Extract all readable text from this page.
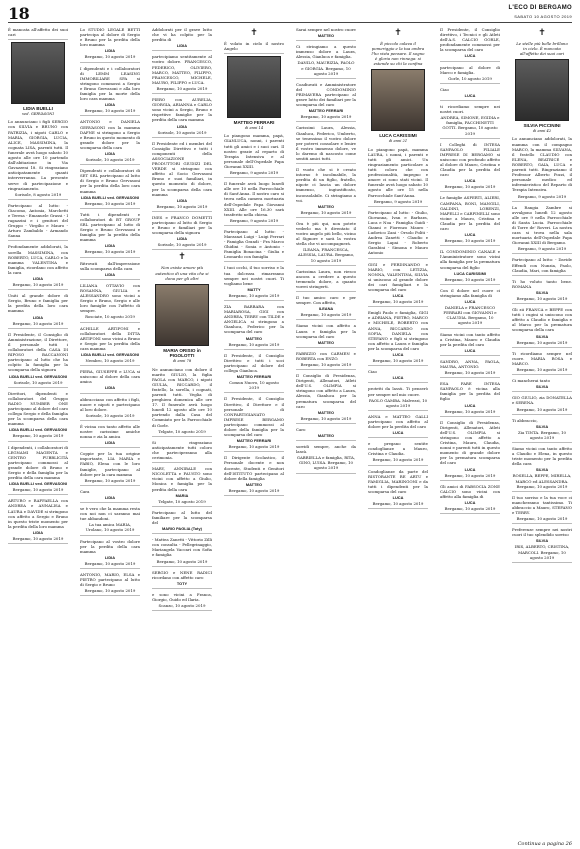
18	L'ECO DI BERGAMO
SABATO 10 AGOSTO 2019
È mancata all'affetto dei suoi cari
LIDIA BUELLI
ved. GERVASONI
Lo annunciano i figli SERGIO con SILVIA e BRUNO con PATRIZIA, i nipoti CARLO e MARIA, GIORGIA, LUCIA, ALICE, MASSIMINA, la cognata LISA, parenti tutti. Il funerale avrà luogo sabato 10 agosto alle ore 10 partendo dall'abitazione in Via Gavazzeni 18. Si ringraziano anticipatamente quanti interverranno. La presente serve di partecipazione e ringraziamento.
Sorisole, 8 agosto 2019
Partecipano al lutto: - Giacomo, Antonia, Marchetti e Teresa - Emanuele Grassi - I ragazzini e i genitori del Gruppo - Virgilio e Mauro - Arturo Zambaldo - Armando Sanna
Profondamente addolorati, la sorella MASSIMINA, con ROBERTO, LUCA, CARLO e la mamma VALENTINA e famiglia, ricordano con affetto la cara
LIDIA
Bergamo, 10 agosto 2019
Uniti al grande dolore di Sergio, Bruno e famiglia per la perdita della loro cara mamma
LIDIA
Bergamo, 10 agosto 2019
Il Presidente, il Consiglio di Amministrazione, il Direttore, il personale tutti i collaboratori della CASA DI RIPOSO BACCANONI partecipano al lutto che ha colpito la famiglia per la scomparsa della signora
LIDIA BUELLI ved. GERVASONI
Sorisole, 10 agosto 2019
Direttori, dipendenti e collaboratori del Gruppo RADIO NUMBER ONE partecipano al dolore del caro collega Sergio e della famiglia per la scomparsa della cara mamma
LIDIA BUELLI ved. GERVASONI
Bergamo, 10 agosto 2019
I dipendenti, i collaboratori di LEGNAMI MAGENTA e CENTRO PUBBLICITÀ partecipano commossi al grande dolore di Bruno e Sergio e della famiglia per la perdita della cara mamma
LIDIA BUELLI ved. GERVASONI
Bergamo, 10 agosto 2019
ARTURO e RAFFAELLA con ANDREA e ANNALISA e LAURA e DAVIDE si stringono con affetto a Sergio e Bruno in questo triste momento per la perdita della loro mamma
LIDIA
Bergamo, 10 agosto 2019
Lo STUDIO LEGALE BETTI partecipa al dolore di Sergio e Bruno per la perdita della loro mamma
LIDIA
Bergamo, 10 agosto 2019
I dipendenti e i collaboratori di LEMM LEASING IMMOBILIARE SPA si stringono commossi a Sergio e Bruno Gervasoni e alla loro famiglia per la morte della loro cara mamma
LIDIA
Bergamo, 10 agosto 2019
ANTONIO e DANIELA GERVASONI con la mamma DAFNE si stringono a Sergio e Bruno in questo momento di grande dolore per la scomparsa della cara
LIDIA
Sorisole, 10 agosto 2019
Dipendenti e collaboratori di SET SRL partecipano al lutto di Sergio e Bruno Gervasoni per la perdita della loro cara mamma
LIDIA BUELLI ved. GERVASONI
Bergamo, 10 agosto 2019
Tutti i dipendenti e collaboratori di BT GROUP SRL partecipano al lutto di Sergio e Bruno Gervasoni e famiglia per la perdita della mamma
LIDIA
Bergamo, 10 agosto 2019
Ritrovati dall'impressione sulla scomparsa della cara
LIDIA
LILIANA OTTAVIO con ROSANNA, GIULIA e ALESSANDRO sono vicini a Sergio e Bruno, Sergio e alle loro famiglie con l'affetto di sempre.
Rosciate, 10 agosto 2019
ACHILLE ARTIFONI e collaboratori della DITTA ARTIFONI sono vicini a Bruno e Sergio per la perdita della cara mamma
LIDIA BUELLI ved. GERVASONI
Nembro, 10 agosto 2019
PIERA, GIUSEPPE e LUCA si uniscono al dolore della cara amica
LIDIA
abbracciano con affetto i figli, nuore e nipoti e partecipano al loro dolore.
Sorisole, 10 agosto 2019
È vicina con tanto affetto alle nostre carissime amiche nonna e zia la amica
LIDIA
Coppie per la tua origine importante, LIA MARIA e FABIO, Elena con le loro famiglie, partecipano al dolore per la cara mamma
Bergamo, 10 agosto 2019
Cara
LIDIA
se è vero che la mamma resta con noi non ci saranno mai tue abbandoni.
La tua amica MARIA, Urolano, 10 agosto 2019
Partecipano al vostro dolore per la perdita della cara mamma
LIDIA
Bergamo, 10 agosto 2019
ANTONIO, MARIO, ELSA e PIETRO partecipano al lutto di Sergio e Bruno
Bergamo, 10 agosto 2019
Addolorati per il grave lutto che vi ha colpito per la perdita di
LIDIA
partecipiamo sentitamente al vostro dolore. FRANCESCO, FEDERICO, OLIVIERO, MARCO, MATTEO, FILIPPO, FRANCESCO, MICHELE, MAURO, FILIPPO e LUCA.
Bergamo, 10 agosto 2019
PIERO con AURELIA, GIORGIA, ARIANNA e CARLO sono vicini a Sergio, Bruno e rispettive famiglie per la perdita della cara mamma
LIDIA
Sorisole, 10 agosto 2019
Il Presidente ed i membri del Consiglio Direttivo e tutti i componenti della ASSOCIAZIONE PRODUTTORI GIUDIZI DEL VERDE si stringono con affetto al Socio Gervasoni Bruno e suoi familiari, in questo momento di dolore, per la scomparsa della cara mamma
LIDIA
Bergamo, 10 agosto 2019
INES e FRANCO DOMETTI partecipano al lutto di Sergio e Bruno e familiari per la scomparsa della signora
LIDIA
Sorisole, 10 agosto 2019
✝
Non esiste amore più autentico di una vita che si dona per gli altri
MARIA ORISIO in PIGOLOTTI
di anni 78
Ne annunciano con dolore il marito GIULIO, la figlia PAOLA con MARCO, i nipoti GIULIA, RICCARDO, il fratello, la sorella, i cognati, parenti tutti. Veglia di preghiera domenica alle ore 17. Il funerale avrà luogo lunedì 12 agosto alle ore 10 partendo dalla Casa del Commiato per la Parrocchiale di Gorle.
Telgate, 10 agosto 2019
Si ringraziano anticipatamente tutti coloro che parteciperanno alla cerimonia.
MARY, ANNIBALE con NICOLETTA e FAUSTO sono vicini con affetto a Giulio, Monica e famiglia per la perdita della cara
MARIA
Telgate, 10 agosto 2019
Partecipano al lutto del familiare per la scomparsa del
MARIO PAGLIA (Toty)
- Mattea Zanetti - Vittorio Zilli con consulta - Pellegrinaggio, Mariangela Vaccari con Sofia e famiglia
Bergamo, 10 agosto 2019
SERGIO e NENE RADICI ricordano con affetto caro
TOTY
e sono vicini a Franca, Giorgio, Guido ed Ilaria.
Scanzo, 10 agosto 2019
✝
È volato in cielo il nostro Angelo
MATTEO FERRARI
di anni 14
Lo piangono mamma, papà, GIANLUCA, nonni, i parenti tutti gli amici e i suoi cari. Il nostro grazie al reparto di Terapia Intensiva e al personale dell'Ospedale Papa Giovanni XXIII.
Bergamo, 9 agosto 2019
Il funerale avrà luogo lunedì alle ore 10 nella Parrocchiale di Sant'Anna. Il nostro caro si trova nella camera mortuaria dell'Ospedale Papa Giovanni XXIII. Alle ore 16.30 sarà trasferito nella chiesa.
Bergamo, 9 agosto 2019
Partecipano al lutto: - Marzanzi Luigi - Luigi Ferrari - Famiglia Grandi - Fra Marco Ghidini - Sonia e Antonio - Famiglia Bonacina - Giulia e Leonardo con famiglia
I tuoi occhi, il tuo sorriso e la tua dolcezza rimarranno sempre nei nostri cuori. Ti vogliamo bene
MATTY
Bergamo, 10 agosto 2019
ZIA BARBARA con MARIAROSA, GIGI con ANDREA, TERRY con TILDE e ANGELICA si stringono a Gianluca, Federico per la scomparsa del caro
MATTEO
Bergamo, 10 agosto 2019
Il Presidente, il Consiglio Direttivo e tutti i soci partecipano al dolore del collega Gianluca.
MATTEO FERRARI
Comun Nuovo, 10 agosto 2019
Il Presidente, il Consiglio Direttivo, il Direttore e il personale di CONFARTIGIANATO IMPRESE BERGAMO partecipano commossi al dolore della famiglia per la scomparsa del caro
MATTEO FERRARI
Bergamo, 10 agosto 2019
Il Dirigente Scolastico, il Personale docente e non docente, Studenti e Genitori dell'ISTITUTO partecipano al dolore della famiglia
MATTEO
Bergamo, 10 agosto 2019
Sarai sempre nel nostro cuore
MATTEO
Ci stringiamo a questo immenso dolore a Laura, Alessia, Gianluca e famiglia.
DANILO, MAURIZIA, PAOLO e GIORGIA. Bergamo, 10 agosto 2019
Coadiuvati e Amministratore del CONDOMINIO PRIMAVERA partecipano al grave lutto dei familiari per la scomparsa del caro
MATTEO FERRARI
Bergamo, 10 agosto 2019
Carissimi Laura, Alessia, Gianluca, Federico, Umberto, se tenessimo il vostro dolore per potervi consolare e lenire il vostro immenso dolore, ve lo daremo di nascosto come sentiti amici tutti.
Il vuoto che si è creato intorno è incolmabile, la perdita di un figlio, fratello, nipote ci lascia un dolore immenso, ingiustificato, inconsolabile. Ci stringiamo a voi.
MATTEO
Bergamo, 10 agosto 2019
Ora è più qui, non potete vederlo ma è diventato il vostro angelo più bello, vicino al Signore e sarà la vostra stella che vi accompagnerà.
ILEANA, FRANCESCA, ALESSIA, LAURA. Bergamo, 10 agosto 2019
Carissima Laura, non riesco ancora a credere a questo tremendo dolore, a quanto vorrei stringerti.
Il tuo amico caro e per sempre. Con affetto,
ILEANA
Bergamo, 10 agosto 2019
Siamo vicini con affetto a Laura e famiglia per la scomparsa del caro
MATTEO
FABRIZIO con CARMEN e ROBERTA con ENZO.
Bergamo, 10 agosto 2019
Il Consiglio di Presidenza, Dirigenti, Allenatori, Atleti dell'U.S. OLIMPIA si stringono con affetto a Laura, Alessia, Gianluca per la prematura scomparsa del caro
MATTEO
Bergamo, 10 agosto 2019
Caro
MATTEO
sorridi sempre, anche da lassù.
GABRIELLA e famiglia, RITA, GINO, LUISA. Bergamo, 10 agosto 2019
✝
È piccolo calava il pomeriggio e la tua ombra l'ho vista pensare. Il sogno è gloria non rinnega: si estende su chi la confina
LUCA CARISSIMI
di anni 21
Lo piangono papà, mamma LAURA, i nonni, i parenti e tutti gli amici. Un ringraziamento particolare a tutti coloro che con professionalità, impegno e amore ci sono stati vicini. Il funerale avrà luogo sabato 10 agosto alle ore 15 nella Parrocchiale Sant'Anna.
Bergamo, 9 agosto 2019
Partecipano al lutto: - Giulio, Giovanna, Ivan e Barbara, Luca e Noa - Famiglia Guidi - Gianni e Fiorenzo Mauro - Ludovico Zani - Orsolo Politi - Andrea Zanetti - Claudio e Sergio Lapai - Roberto Garabini - Simona e Mauro Antonio
GIGI e FERDINANDO e MARIO, con LETIZIA, NONNA, VALENTINA, SILVIA si uniscono al grande dolore dei cari famigliari e la scomparsa del caro
LUCA
Bergamo, 10 agosto 2019
Emigli Paolo e famiglia, GIGI e ADRIANA, PIETRO, MARCO e MICHELE, ROBERTO con ANNA, RICCARDO con SOFIA, DANIELA con STEFANO e figli si stringono con affetto a Laura e famiglia per la scomparsa del caro
LUCA
Bergamo, 10 agosto 2019
Ciao
LUCA
protetti da lassù. Ti penserò per sempre nel mio cuore.
PAOLO GAMBA. Malvezzi, 10 agosto 2019
ANNA e MATTEO GALLI partecipano con affetto al dolore per la perdita del caro
LUCA
e pregano sentite condoglianze a Mauro, Cristina e Claudia.
Bergamo, 10 agosto 2019
Condoglianze da parte del RISTORANTE RE ARTU e FAMIGLIA, MARINGONI e da tutti i dipendenti per la scomparsa del caro
LUCA
Bergamo, 10 agosto 2019
Il Presidente, il Consiglio direttivo, i Tecnici e gli Atleti dell'A.S. CALCIO GORLE, profondamente commossi per la scomparsa del caro
LUCA
partecipano al dolore di Marco e famiglia.
Gorle, 10 agosto 2019
Ciao
LUCA
ti ricordiamo sempre nei nostri cuori.
ANDREA, SIMONE, EGIDIA e famiglia, FACCHINETTI GOTTI. Bergamo, 10 agosto 2019
I Colleghi di INTESA SANPAOLO FILIALE IMPRESE DI BERGAMO si uniscono con profondo affetto al dolore di Mauro, Cristina e Claudia per la perdita del caro
LUCA
Bergamo, 10 agosto 2019
Le famiglie ASPERTI, ALIERI, CAMPANA, BONI, MANGILI, GALDINI, LORENZI, MAPELLI e CARPINELLI sono vicine a Mauro, Cristina e Claudia per la perdita del caro
LUCA
Bergamo, 10 agosto 2019
IL CONDOMINIO CANALE e l'Amministratore sono vicini alla famiglia per la prematura scomparsa del figlio
LUCA CARISSIMI
Bergamo, 10 agosto 2019
Con il dolore nel cuore ci stringiamo alla famiglia di
LUCA
DANIELA e FRANCESCO FERRARI con GIOVANNI e CLAUDIA. Bergamo, 10 agosto 2019
Siamo vicini con tanto affetto a Cristina, Mauro e Claudia per la perdita del caro
LUCA
SANDRO, ANNA, PAOLA, MAURA, ANTONIO.
Bergamo, 10 agosto 2019
ESA FARE INTESA SANPAOLO è vicina alla famiglia per la perdita del figlio
LUCA
Bergamo, 10 agosto 2019
Il Consiglio di Presidenza, Dirigenti, Allenatori, Atleti dell'U.S. OLIMPIA si stringono con affetto a Cristina, Mauro, Claudia, nonni e parenti tutti in questo momento di grande dolore per la prematura scomparsa del caro
LUCA
Bergamo, 10 agosto 2019
Gli amici di FABSOCIA ZONE CALCIO sono vicini con affetto alla famiglia di
LUCA
Bergamo, 10 agosto 2019
✝
Le stelle più belle brillano in cielo. È mancata all'affetto dei suoi cari
SILVIA PICCININI
di anni 42
Lo annunciano addolorati, la mamma con il compagno MARCO, la mamma SILVANA, il fratello CLAUDIO con ELENA, BEATRICE e ROBERTO, GAIA, LUCA e parenti tutti. Ringraziamo il Professor Alberto Pozzi, il personale medico ed infermieristico del Reparto di Terapia Intensiva.
Bergamo, 9 agosto 2019
La Rangia Zambre si avvalgono lunedì 12 agosto alle ore 9 nella Parrocchiale di Santa Lucia. Parrocchiale di Torre de' Roveri. La nostra cara si trova nella sala mortuaria dell'Ospedale Papa Giovanni XXIII di Bergamo.
Bergamo, 9 agosto 2019
Partecipano al lutto: - Davide Effendi con Nunzia, Paolo, Claudia, Mari, con famiglia
Ti ho voluto tanto bene. ROMANA
SILVIA
Bergamo, 10 agosto 2019
Gli zii FRANCA e BEPPE con tutti i cugini si uniscono con affetto a Claudio e famiglia e al Marco per la prematura scomparsa della cara
SILVIA
Bergamo, 10 agosto 2019
Ti ricordiamo sempre nel cuore. MARIA ROSA e MARCO.
Bergamo, 10 agosto 2019
Ci mancherai tanto
SILVIA
GIO GIULIO, zia DONATELLA e SERENA.
Bergamo, 10 agosto 2019
Ti abbraccio,
SILVIA
Zia TINTA. Bergamo, 10 agosto 2019
Siamo vicini con tanto affetto a Claudio e Elena, in questo triste momento per la perdita della cara
SILVIA
ROSELLA, BEPPE, MIRELLA, MARCO ed ALESSANDRA. Bergamo, 10 agosto 2019
Il tuo sorriso e la tua voce ci mancheranno tantissimo. Ti abbraccio a Mauro, STEFANO e TERRY.
Bergamo, 10 agosto 2019
Preferenze sempre nei nostri cuori il tuo splendido sorriso
SILVIA
IRIS, ALBERTO, CRISTINA, MARCOLI. Bergamo, 10 agosto 2019
Continua a pagina 26
